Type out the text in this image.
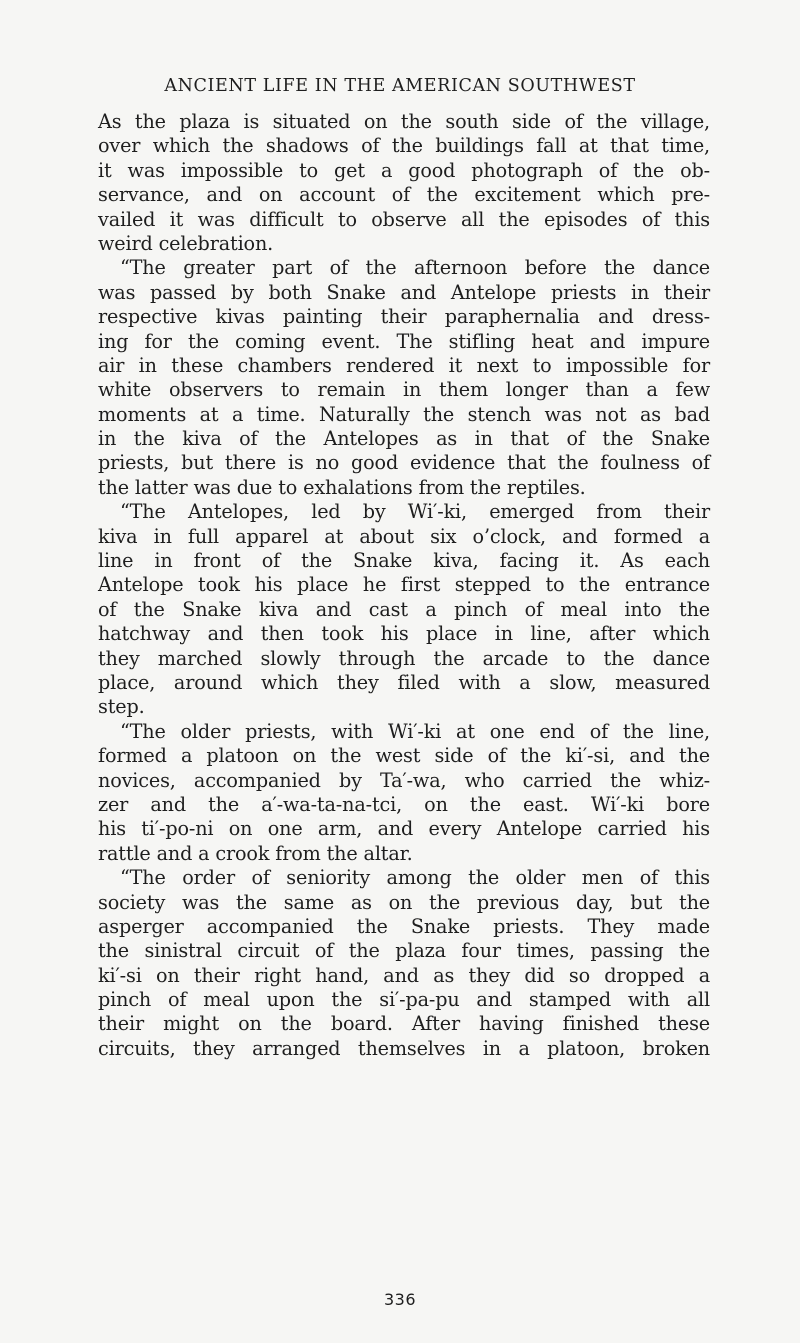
ANCIENT LIFE IN THE AMERICAN SOUTHWEST
As the plaza is situated on the south side of the village,
over which the shadows of the buildings fall at that time,
it was impossible to get a good photograph of the ob-
servance, and on account of the excitement which pre-
vailed it was difficult to observe all the episodes of this
weird celebration.
“The greater part of the afternoon before the dance
was passed by both Snake and Antelope priests in their
respective kivas painting their paraphernalia and dress-
ing for the coming event. The stifling heat and impure
air in these chambers rendered it next to impossible for
white observers to remain in them longer than a few
moments at a time. Naturally the stench was not as bad
in the kiva of the Antelopes as in that of the Snake
priests, but there is no good evidence that the foulness of
the latter was due to exhalations from the reptiles.
“The Antelopes, led by Wi′-ki, emerged from their
kiva in full apparel at about six o’clock, and formed a
line in front of the Snake kiva, facing it. As each
Antelope took his place he first stepped to the entrance
of the Snake kiva and cast a pinch of meal into the
hatchway and then took his place in line, after which
they marched slowly through the arcade to the dance
place, around which they filed with a slow, measured
step.
“The older priests, with Wi′-ki at one end of the line,
formed a platoon on the west side of the ki′-si, and the
novices, accompanied by Ta′-wa, who carried the whiz-
zer and the a′-wa-ta-na-tci, on the east. Wi′-ki bore
his ti′-po-ni on one arm, and every Antelope carried his
rattle and a crook from the altar.
“The order of seniority among the older men of this
society was the same as on the previous day, but the
asperger accompanied the Snake priests. They made
the sinistral circuit of the plaza four times, passing the
ki′-si on their right hand, and as they did so dropped a
pinch of meal upon the si′-pa-pu and stamped with all
their might on the board. After having finished these
circuits, they arranged themselves in a platoon, broken
336
